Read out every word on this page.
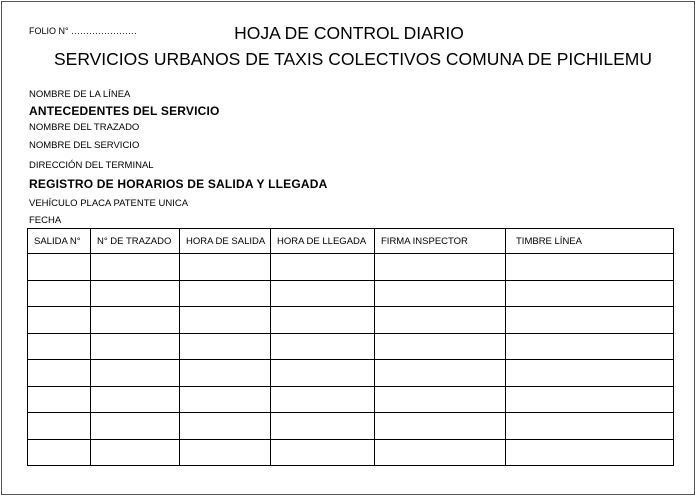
FOLIO N° ......................	HOJA DE CONTROL DIARIO
SERVICIOS URBANOS DE TAXIS COLECTIVOS COMUNA DE PICHILEMU
NOMBRE DE LA LÍNEA
ANTECEDENTES DEL SERVICIO
NOMBRE DEL TRAZADO
NOMBRE DEL SERVICIO
DIRECCIÓN DEL TERMINAL
REGISTRO DE HORARIOS DE SALIDA Y LLEGADA
VEHÍCULO PLACA PATENTE UNICA
FECHA
SALIDA N°	N° DE TRAZADO	HORA DE SALIDA	HORA DE LLEGADA	FIRMA INSPECTOR	TIMBRE LÍNEA
